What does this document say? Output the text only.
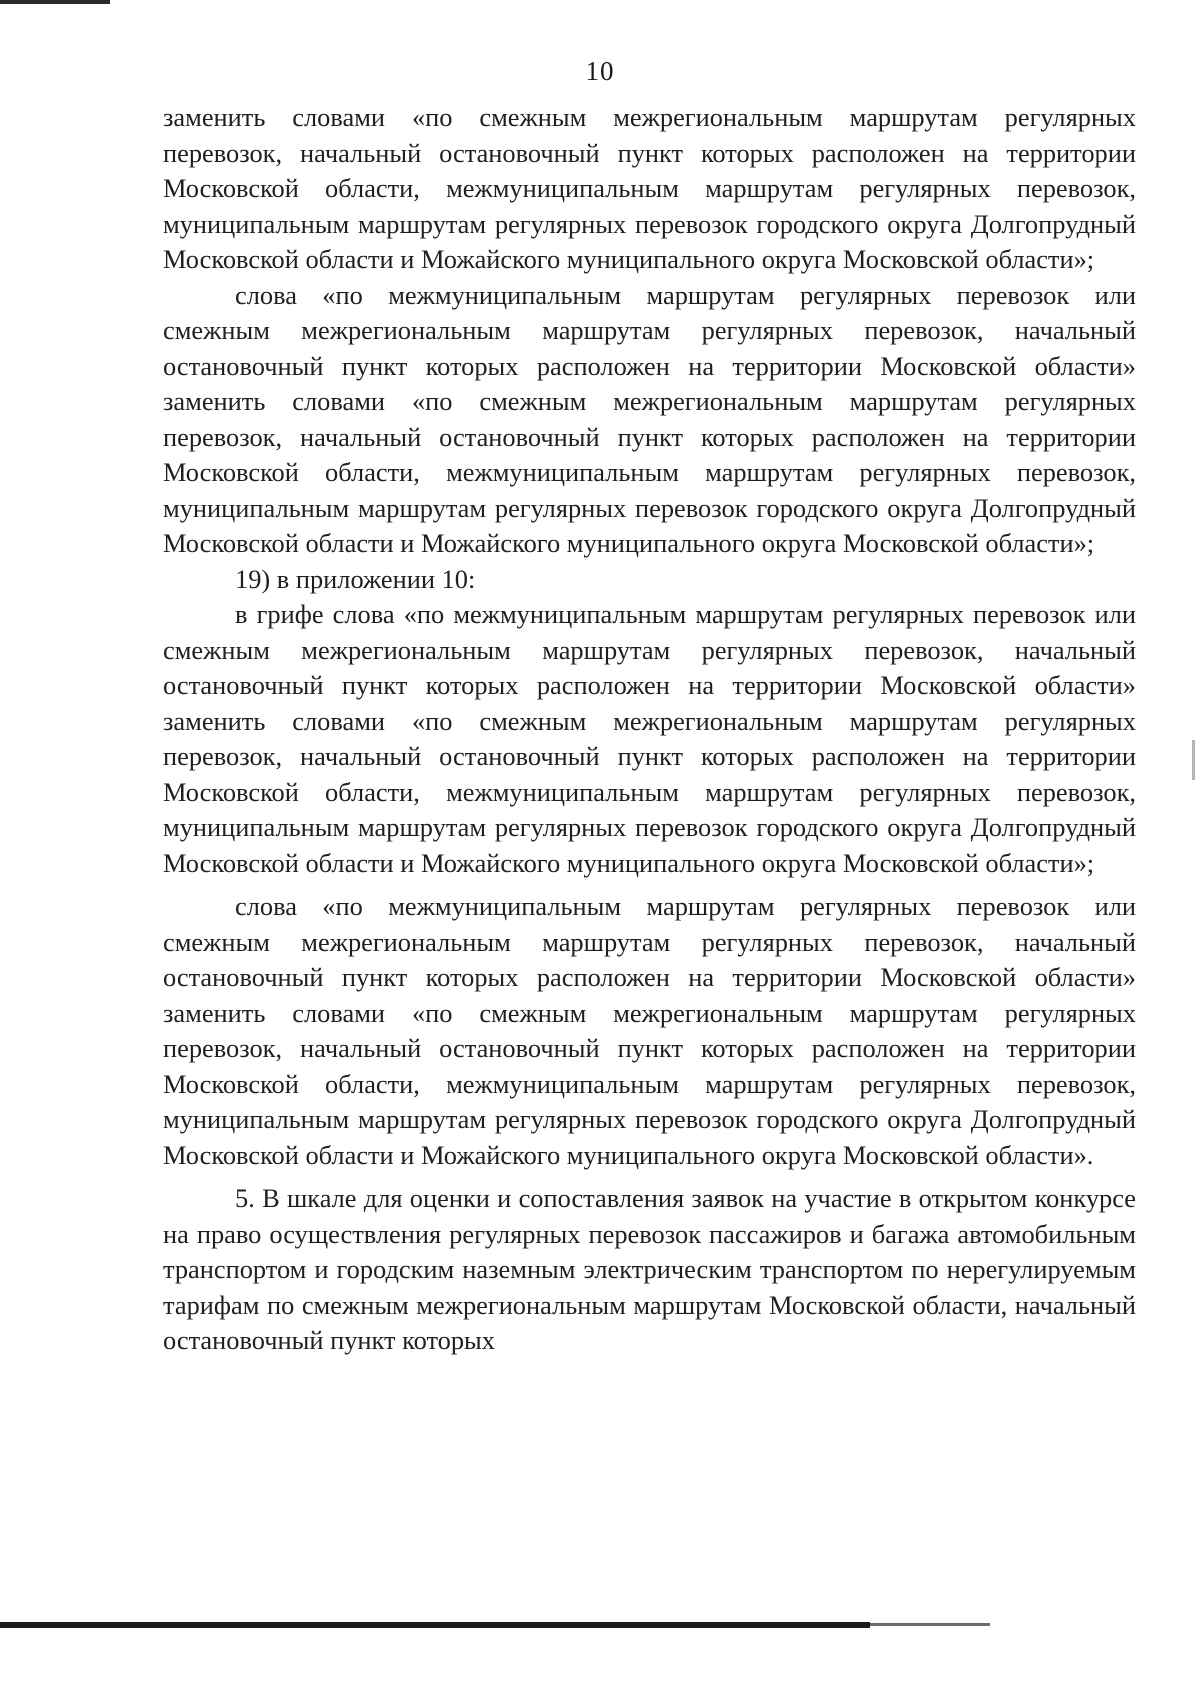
10

заменить словами «по смежным межрегиональным маршрутам регулярных перевозок, начальный остановочный пункт которых расположен на территории Московской области, межмуниципальным маршрутам регулярных перевозок, муниципальным маршрутам регулярных перевозок городского округа Долгопрудный Московской области и Можайского муниципального округа Московской области»;

слова «по межмуниципальным маршрутам регулярных перевозок или смежным межрегиональным маршрутам регулярных перевозок, начальный остановочный пункт которых расположен на территории Московской области» заменить словами «по смежным межрегиональным маршрутам регулярных перевозок, начальный остановочный пункт которых расположен на территории Московской области, межмуниципальным маршрутам регулярных перевозок, муниципальным маршрутам регулярных перевозок городского округа Долгопрудный Московской области и Можайского муниципального округа Московской области»;

19) в приложении 10:

в грифе слова «по межмуниципальным маршрутам регулярных перевозок или смежным межрегиональным маршрутам регулярных перевозок, начальный остановочный пункт которых расположен на территории Московской области» заменить словами «по смежным межрегиональным маршрутам регулярных перевозок, начальный остановочный пункт которых расположен на территории Московской области, межмуниципальным маршрутам регулярных перевозок, муниципальным маршрутам регулярных перевозок городского округа Долгопрудный Московской области и Можайского муниципального округа Московской области»;

слова «по межмуниципальным маршрутам регулярных перевозок или смежным межрегиональным маршрутам регулярных перевозок, начальный остановочный пункт которых расположен на территории Московской области» заменить словами «по смежным межрегиональным маршрутам регулярных перевозок, начальный остановочный пункт которых расположен на территории Московской области, межмуниципальным маршрутам регулярных перевозок, муниципальным маршрутам регулярных перевозок городского округа Долгопрудный Московской области и Можайского муниципального округа Московской области».

5. В шкале для оценки и сопоставления заявок на участие в открытом конкурсе на право осуществления регулярных перевозок пассажиров и багажа автомобильным транспортом и городским наземным электрическим транспортом по нерегулируемым тарифам по смежным межрегиональным маршрутам Московской области, начальный остановочный пункт которых
